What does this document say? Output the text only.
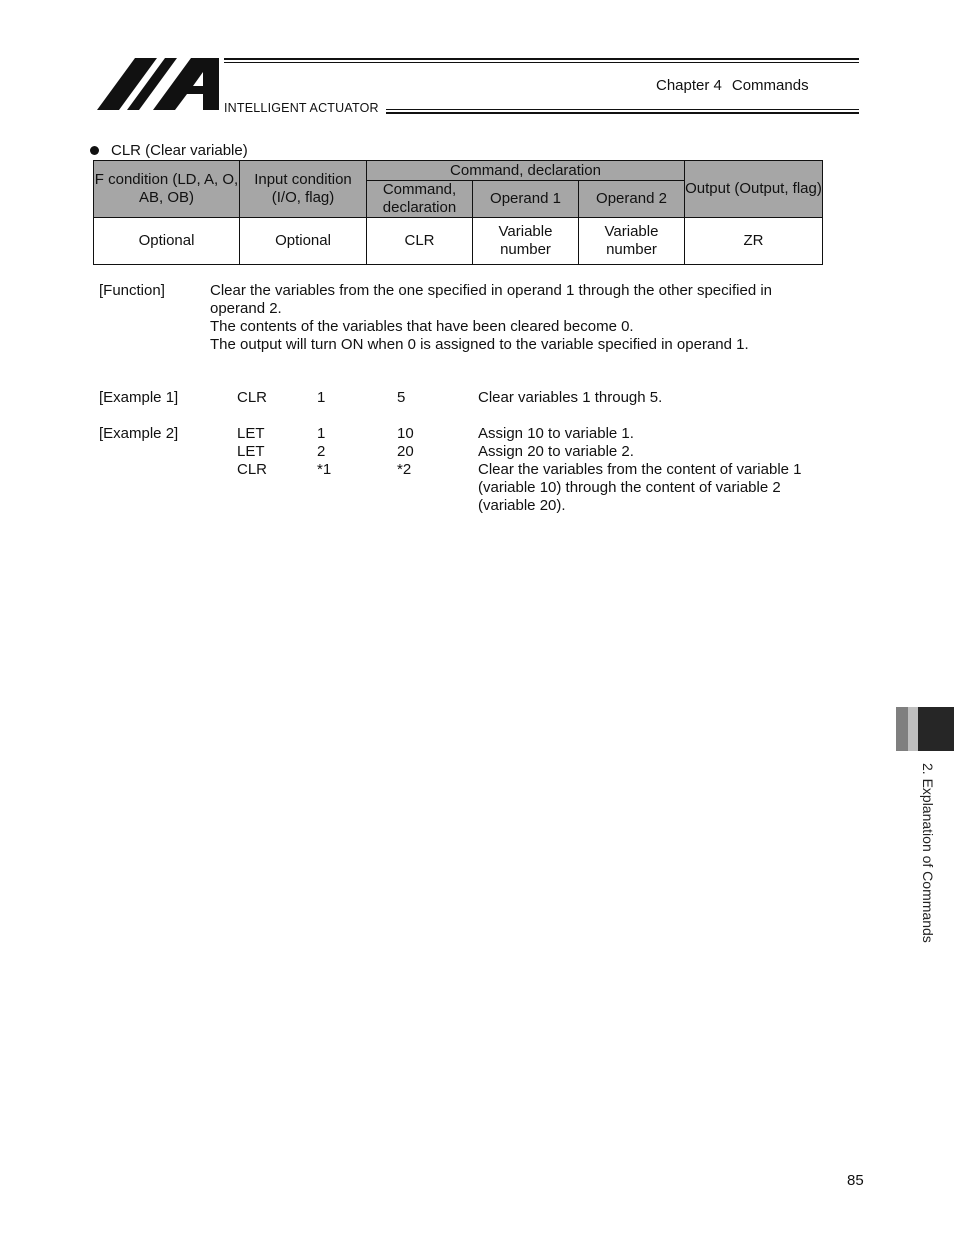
INTELLIGENT ACTUATOR
Chapter 4 Commands
CLR (Clear variable)
F condition (LD, A, O, AB, OB)	Input condition (I/O, flag)	Command, declaration			Output (Output, flag)
		Command, declaration	Operand 1	Operand 2	
Optional	Optional	CLR	Variable number	Variable number	ZR
[Function]	Clear the variables from the one specified in operand 1 through the other specified in
operand 2.
The contents of the variables that have been cleared become 0.
The output will turn ON when 0 is assigned to the variable specified in operand 1.
[Example 1]	CLR	1	5	Clear variables 1 through 5.
[Example 2]	LET	1	10	Assign 10 to variable 1.
LET	2	20	Assign 20 to variable 2.
CLR	*1	*2	Clear the variables from the content of variable 1 (variable 10) through the content of variable 2 (variable 20).
2. Explanation of Commands
85
